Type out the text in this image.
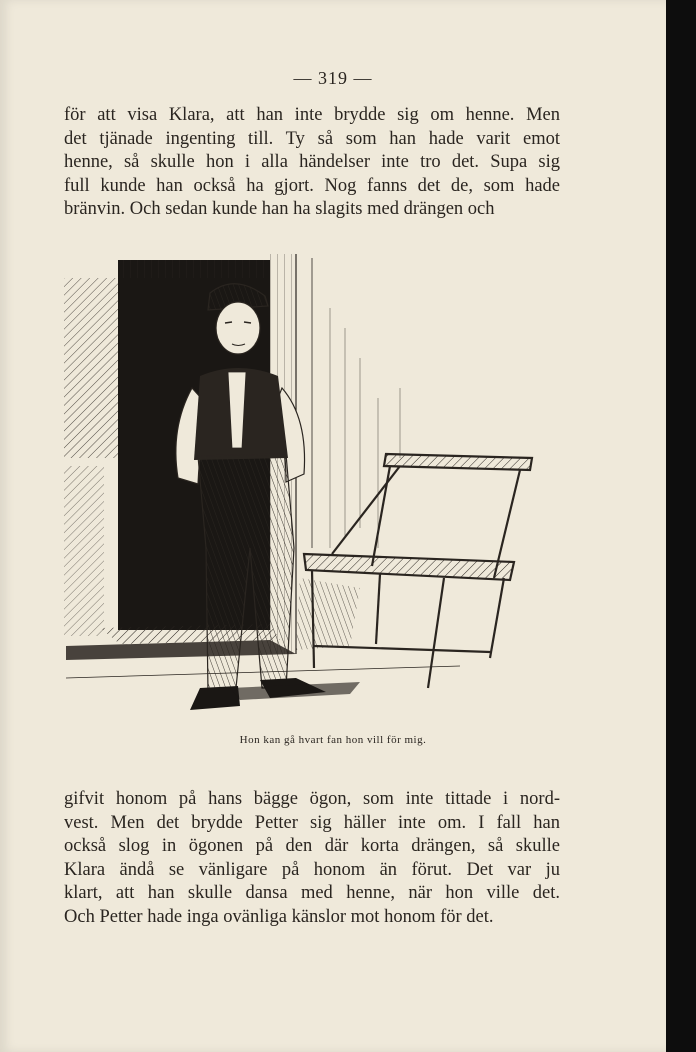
— 319 —
för att visa Klara, att han inte brydde sig om henne. Men
det tjänade ingenting till. Ty så som han hade varit emot
henne, så skulle hon i alla händelser inte tro det. Supa sig
full kunde han också ha gjort. Nog fanns det de, som hade
bränvin. Och sedan kunde han ha slagits med drängen och
Hon kan gå hvart fan hon vill för mig.
gifvit honom på hans bägge ögon, som inte tittade i nord-
vest. Men det brydde Petter sig häller inte om. I fall han
också slog in ögonen på den där korta drängen, så skulle
Klara ändå se vänligare på honom än förut. Det var ju
klart, att han skulle dansa med henne, när hon ville det.
Och Petter hade inga ovänliga känslor mot honom för det.
